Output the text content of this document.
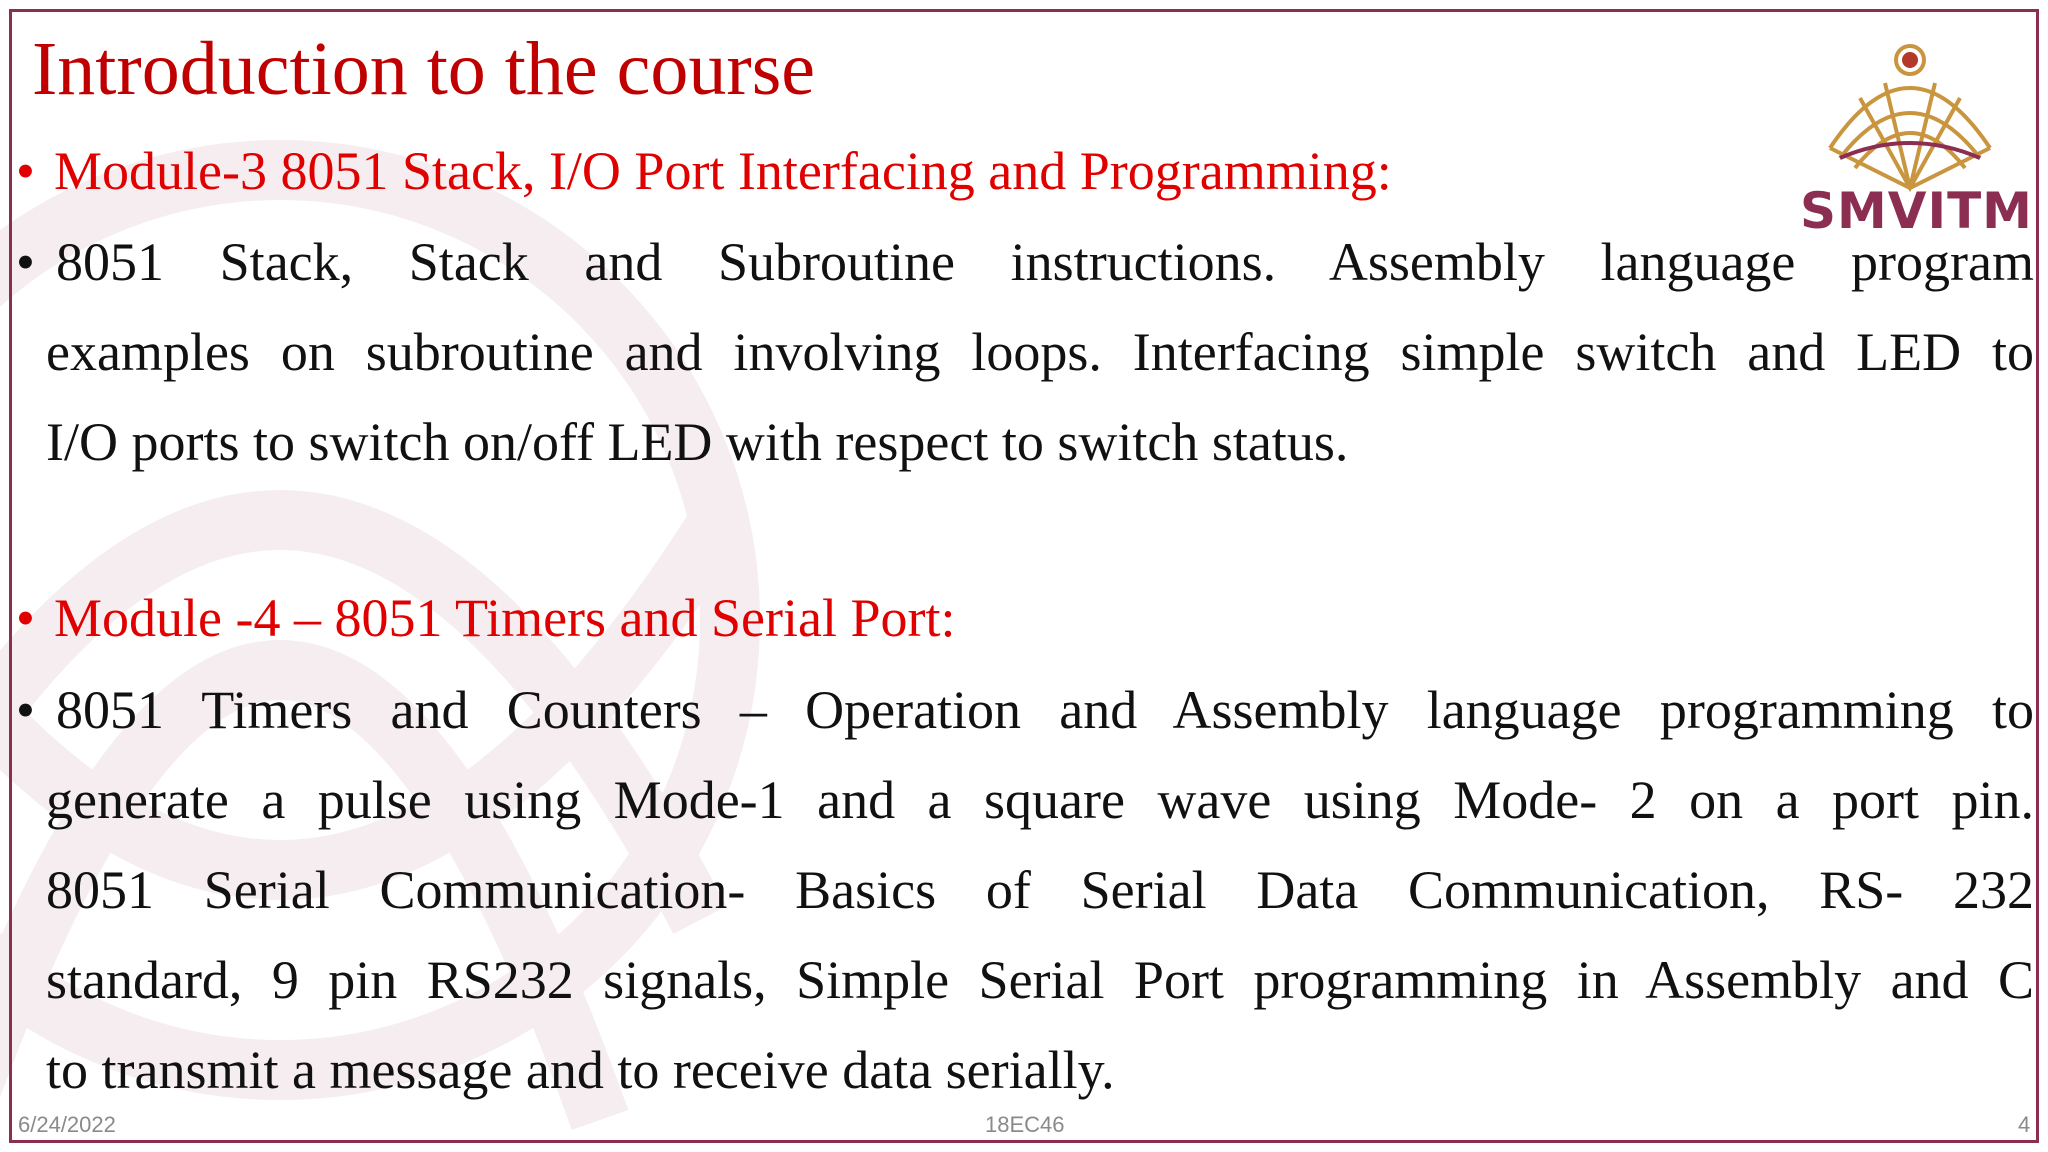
Introduction to the course
SMVITM
• Module-3 8051 Stack, I/O Port Interfacing and Programming:
• 8051 Stack, Stack and Subroutine instructions. Assembly language program

examples on subroutine and involving loops. Interfacing simple switch and LED to

I/O ports to switch on/off LED with respect to switch status.

• Module -4 – 8051 Timers and Serial Port:
• 8051 Timers and Counters – Operation and Assembly language programming to

generate a pulse using Mode-1 and a square wave using Mode- 2 on a port pin.

8051 Serial Communication- Basics of Serial Data Communication, RS- 232

standard, 9 pin RS232 signals, Simple Serial Port programming in Assembly and C

to transmit a message and to receive data serially.

6/24/2022	18EC46	4
